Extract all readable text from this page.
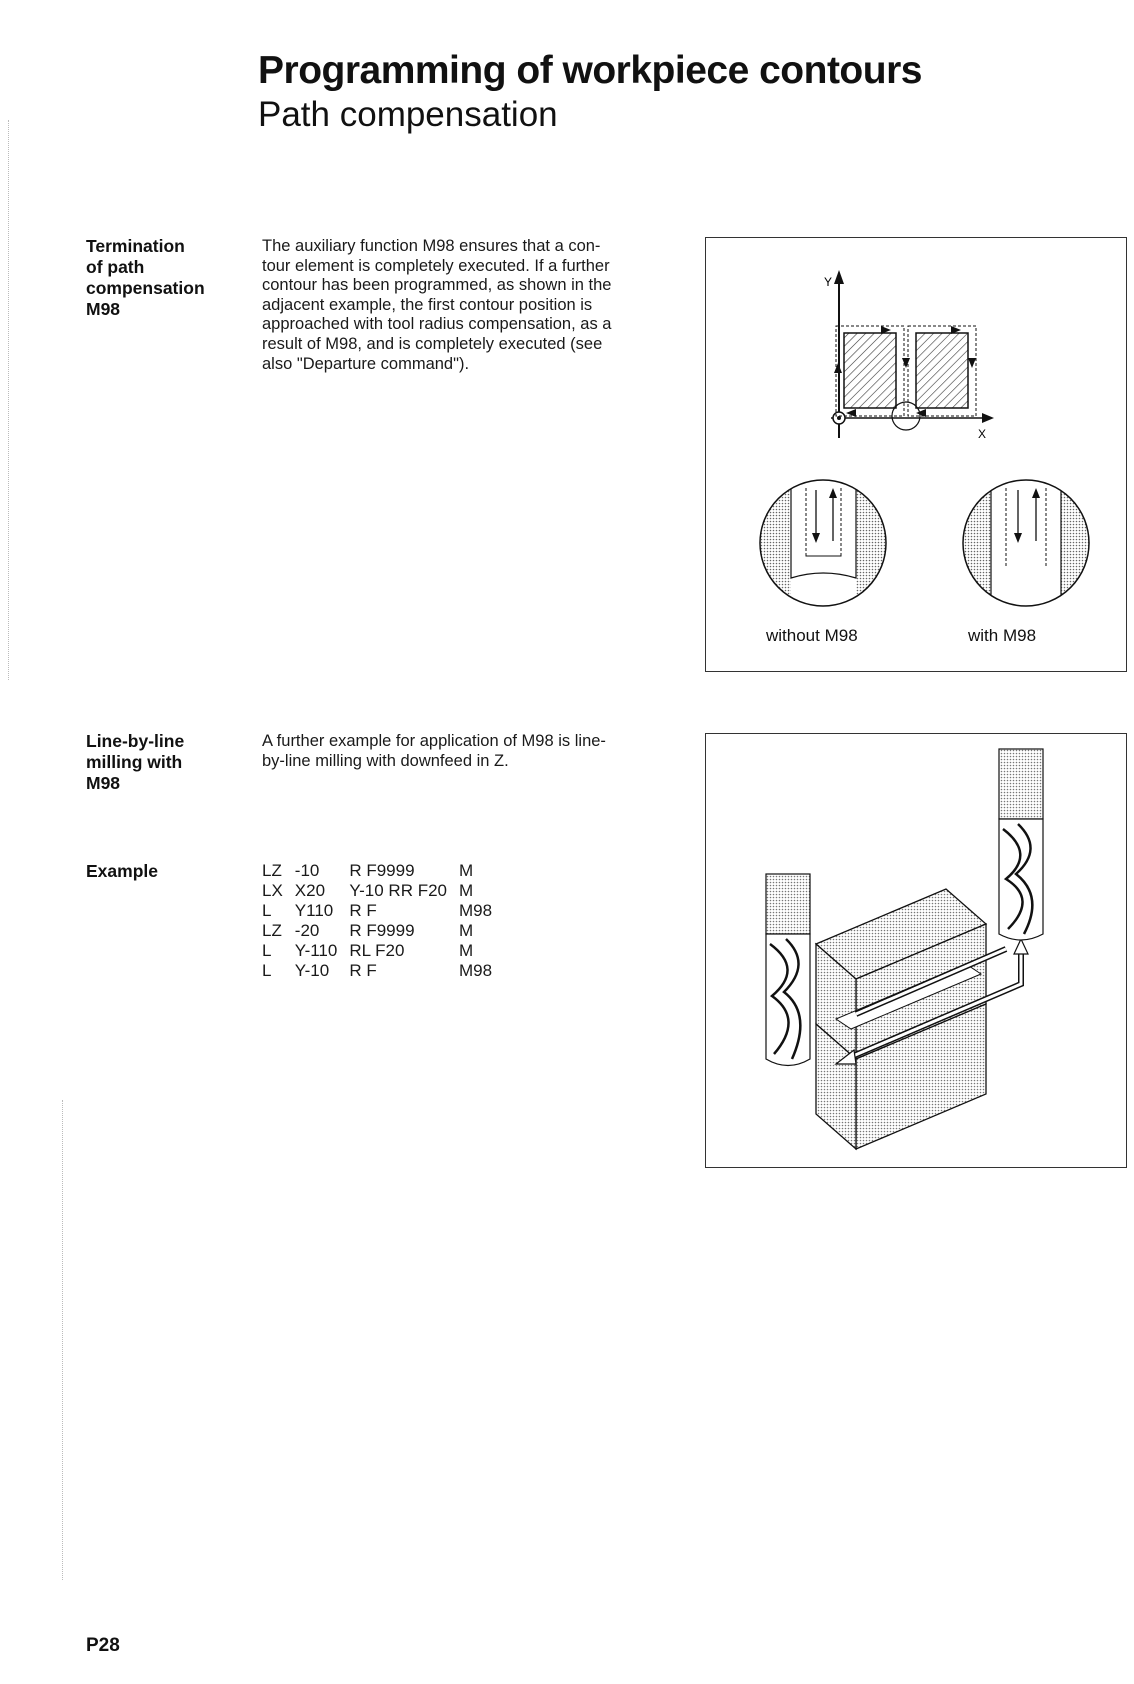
Programming of workpiece contours
Path compensation
Termination
of path
compensation
M98
The auxiliary function M98 ensures that a con-
tour element is completely executed. If a further
contour has been programmed, as shown in the
adjacent example, the first contour position is
approached with tool radius compensation, as a
result of M98, and is completely executed (see
also "Departure command").
Y
X
without M98	with M98
Line-by-line
milling with
M98
A further example for application of M98 is line-
by-line milling with downfeed in Z.
Example	LZ	-10	R F9999	M
LX	X20	Y-10 RR F20	M
L	Y110	R F	M98
LZ	-20	R F9999	M
L	Y-110	RL F20	M
L	Y-10	R F	M98
P28
